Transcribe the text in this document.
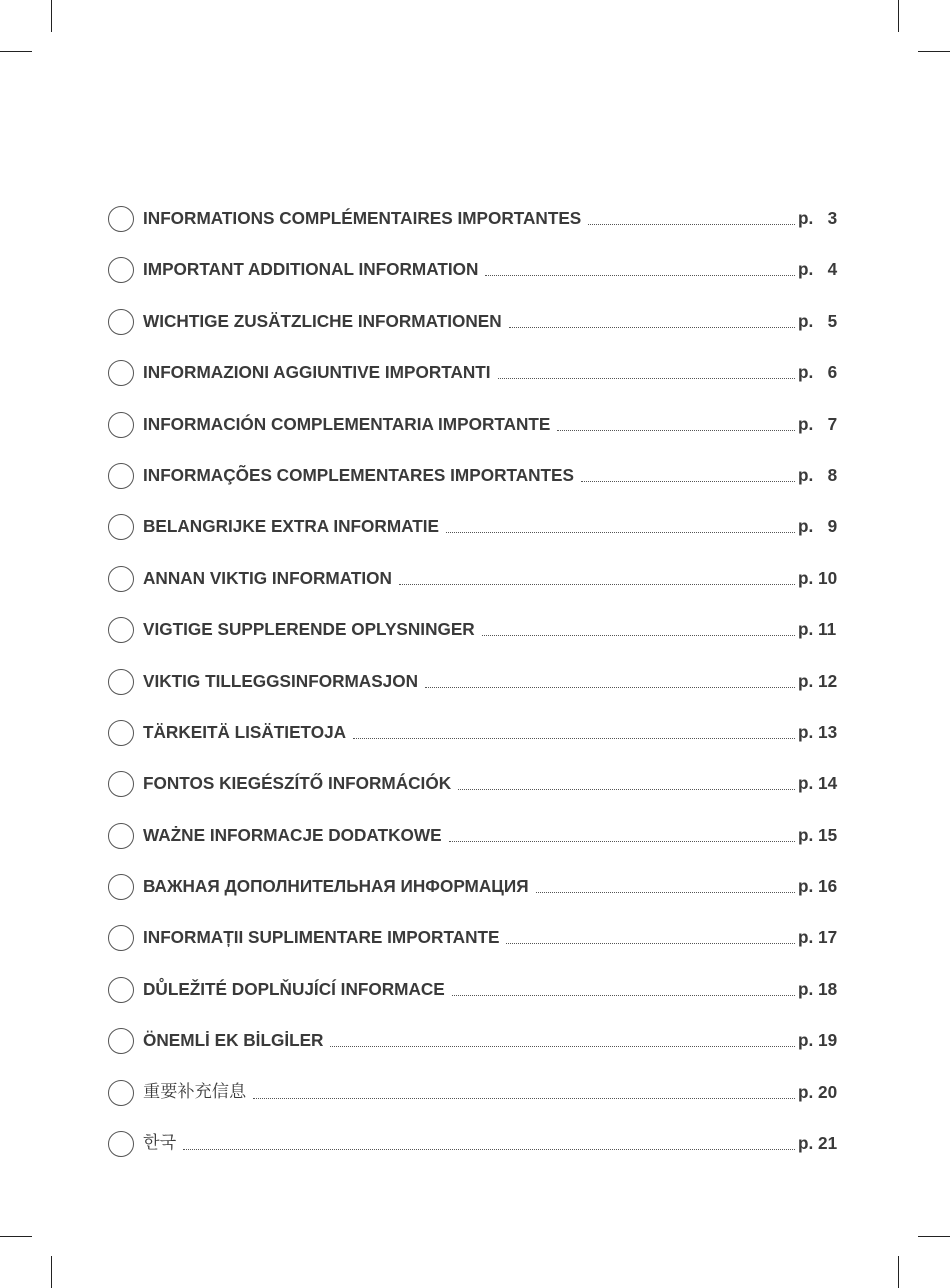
INFORMATIONS COMPLÉMENTAIRES IMPORTANTES	p.   3
IMPORTANT ADDITIONAL INFORMATION	p.   4
WICHTIGE ZUSÄTZLICHE INFORMATIONEN	p.   5
INFORMAZIONI AGGIUNTIVE IMPORTANTI	p.   6
INFORMACIÓN COMPLEMENTARIA IMPORTANTE	p.   7
INFORMAÇÕES COMPLEMENTARES IMPORTANTES	p.   8
BELANGRIJKE EXTRA INFORMATIE	p.   9
ANNAN VIKTIG INFORMATION	p. 10
VIGTIGE SUPPLERENDE OPLYSNINGER	p. 11
VIKTIG TILLEGGSINFORMASJON	p. 12
TÄRKEITÄ LISÄTIETOJA	p. 13
FONTOS KIEGÉSZÍTŐ INFORMÁCIÓK	p. 14
WAŻNE INFORMACJE DODATKOWE	p. 15
ВАЖНАЯ ДОПОЛНИТЕЛЬНАЯ ИНФОРМАЦИЯ	p. 16
INFORMAȚII SUPLIMENTARE IMPORTANTE	p. 17
DŮLEŽITÉ DOPLŇUJÍCÍ INFORMACE	p. 18
ÖNEMLİ EK BİLGİLER	p. 19
重要补充信息	p. 20
한국	p. 21
